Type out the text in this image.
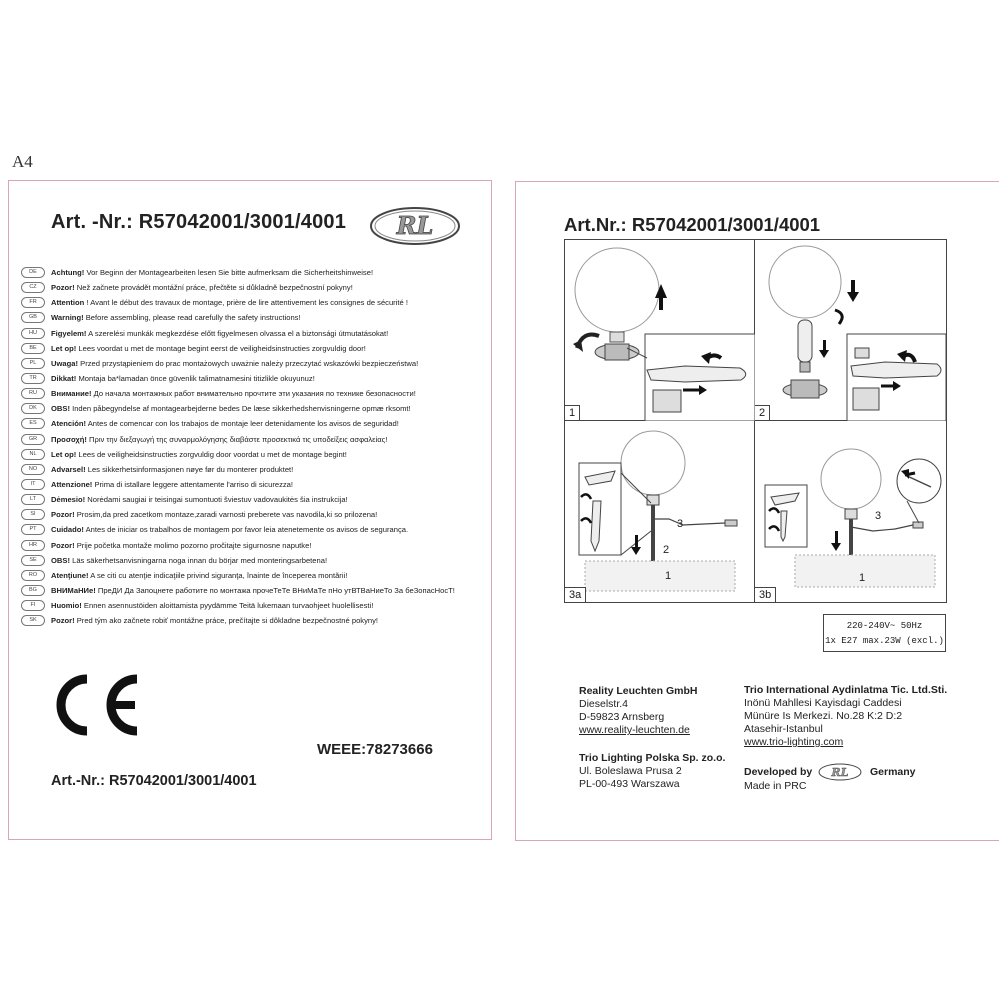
A4
Art. -Nr.: R57042001/3001/4001 RL
DE	Achtung! Vor Beginn der Montagearbeiten lesen Sie bitte aufmerksam die Sicherheitshinweise!
CZ	Pozor! Než začnete provádět montážní práce, přečtěte si důkladně bezpečnostní pokyny!
FR	Attention ! Avant le début des travaux de montage, prière de lire attentivement les consignes de sécurité !
GB	Warning! Before assembling, please read carefully the safety instructions!
HU	Figyelem! A szerelési munkák megkezdése előtt figyelmesen olvassa el a biztonsági útmutatásokat!
BE	Let op! Lees voordat u met de montage begint eerst de veiligheidsinstructies zorgvuldig door!
PL	Uwaga! Przed przystąpieniem do prac montażowych uważnie należy przeczytać wskazówki bezpieczeństwa!
TR	Dikkat! Montaja ba*lamadan önce güvenlik talimatnamesini titizlikle okuyunuz!
RU	Внимание! До начала монтажных работ внимательно прочтите эти указания по технике безопасности!
DK	OBS! Inden påbegyndelse af montagearbejderne bedes De læse sikkerhedshenvisningerne opmæ rksomt!
ES	Atención! Antes de comencar con los trabajos de montaje leer detenidamente los avisos de seguridad!
GR	Προσοχή! Πριν την διεξαγωγή της συναρμολόγησης διαβάστε προσεκτικά τις υποδείξεις ασφαλείας!
NL	Let op! Lees de veiligheidsinstructies zorgvuldig door voordat u met de montage begint!
NO	Advarsel! Les sikkerhetsinformasjonen nøye før du monterer produktet!
IT	Attenzione! Prima di istallare leggere attentamente l'arriso di sicurezza!
LT	Dėmesio! Norėdami saugiai ir teisingai sumontuoti šviestuv vadovaukitės šia instrukcija!
SI	Pozor! Prosim,da pred zacetkom montaze,zaradi varnosti preberete vas navodila,ki so prilozena!
PT	Cuidado! Antes de iniciar os trabalhos de montagem por favor leia atenetemente os avisos de segurança.
HR	Pozor! Prije početka montaže molimo pozorno pročitajte sigurnosne naputke!
SE	OBS! Läs säkerhetsanvisningarna noga innan du börjar med monteringsarbetena!
RO	Atenţiune! A se citi cu atenţie indicaţiile privind siguranţa, înainte de începerea montării!
BG	ВНИМаНИе! ПреДИ Да Запоцнете работите по монтажа прочеТеТе ВНиМаТе пНо утВТВаНиеТо За беЗопасНосТ!
FI	Huomio! Ennen asennustöiden aloittamista pyydämme Teitä lukemaan turvaohjeet huolellisesti!
SK	Pozor! Pred tým ako začnete robiť montážne práce, prečítajte si dôkladne bezpečnostné pokyny!
WEEE:78273666
Art.-Nr.: R57042001/3001/4001
Art.Nr.: R57042001/3001/4001
1	2
3
2
1
3a
3
1
3b
220-240V~ 50Hz
1x E27 max.23W (excl.)
Reality Leuchten GmbH
Dieselstr.4
D-59823 Arnsberg
www.reality-leuchten.de
Trio International Aydinlatma Tic. Ltd.Sti.
Inönü Mahllesi Kayisdagi Caddesi
Münüre Is Merkezi. No.28 K:2 D:2
Atasehir-Istanbul
www.trio-lighting.com
Trio Lighting Polska Sp. zo.o.
Ul. Boleslawa Prusa 2
PL-00-493 Warszawa
Developed by RL Germany
Made in PRC
